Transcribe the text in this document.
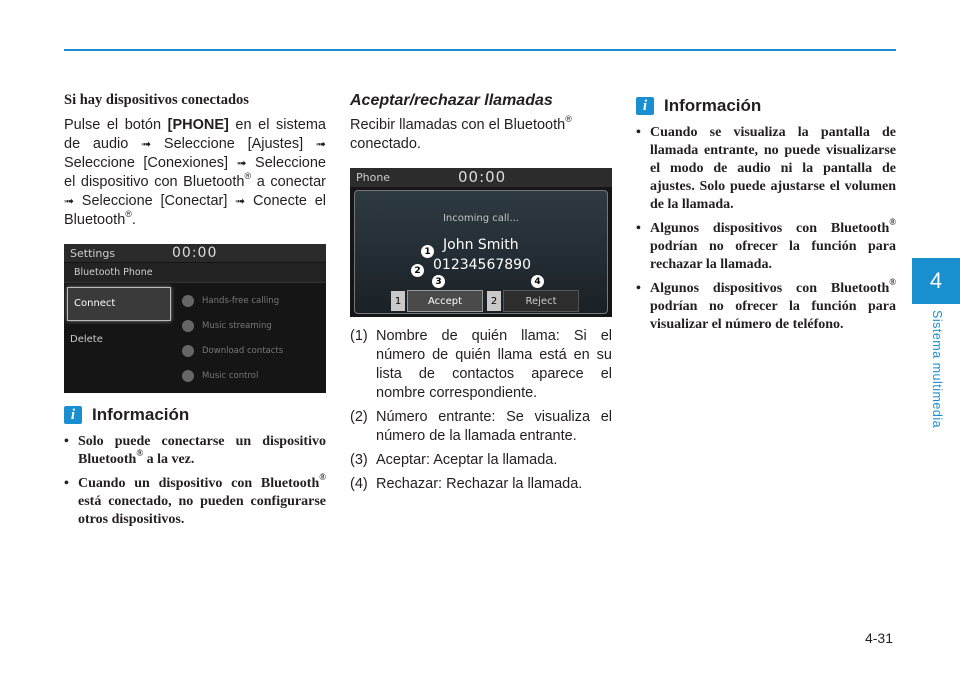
4
Sistema multimedia
Si hay dispositivos conectados

Pulse el botón [PHONE] en el sistema de audio ➟ Seleccione [Ajustes] ➟ Seleccione [Conexiones] ➟ Seleccione el dispositivo con Bluetooth® a conectar ➟ Seleccione [Conectar] ➟ Conecte el Bluetooth®.

Settings	00:00
Bluetooth Phone
Connect
Delete
Hands-free calling
Music streaming
Download contacts
Music control
i Información
• Solo puede conectarse un dispositivo Bluetooth® a la vez.
• Cuando un dispositivo con Bluetooth® está conectado, no pueden configurarse otros dispositivos.
Aceptar/rechazar llamadas

Recibir llamadas con el Bluetooth® conectado.

Phone	00:00
Incoming call...
1 John Smith
2 01234567890
3	4
1	Accept	2	Reject
(1) Nombre de quién llama: Si el número de quién llama está en su lista de contactos aparece el nombre correspondiente.
(2) Número entrante: Se visualiza el número de la llamada entrante.
(3) Aceptar: Aceptar la llamada.
(4) Rechazar: Rechazar la llamada.
i Información
• Cuando se visualiza la pantalla de llamada entrante, no puede visualizarse el modo de audio ni la pantalla de ajustes. Solo puede ajustarse el volumen de la llamada.
• Algunos dispositivos con Bluetooth® podrían no ofrecer la función para rechazar la llamada.
• Algunos dispositivos con Bluetooth® podrían no ofrecer la función para visualizar el número de teléfono.
4-31
